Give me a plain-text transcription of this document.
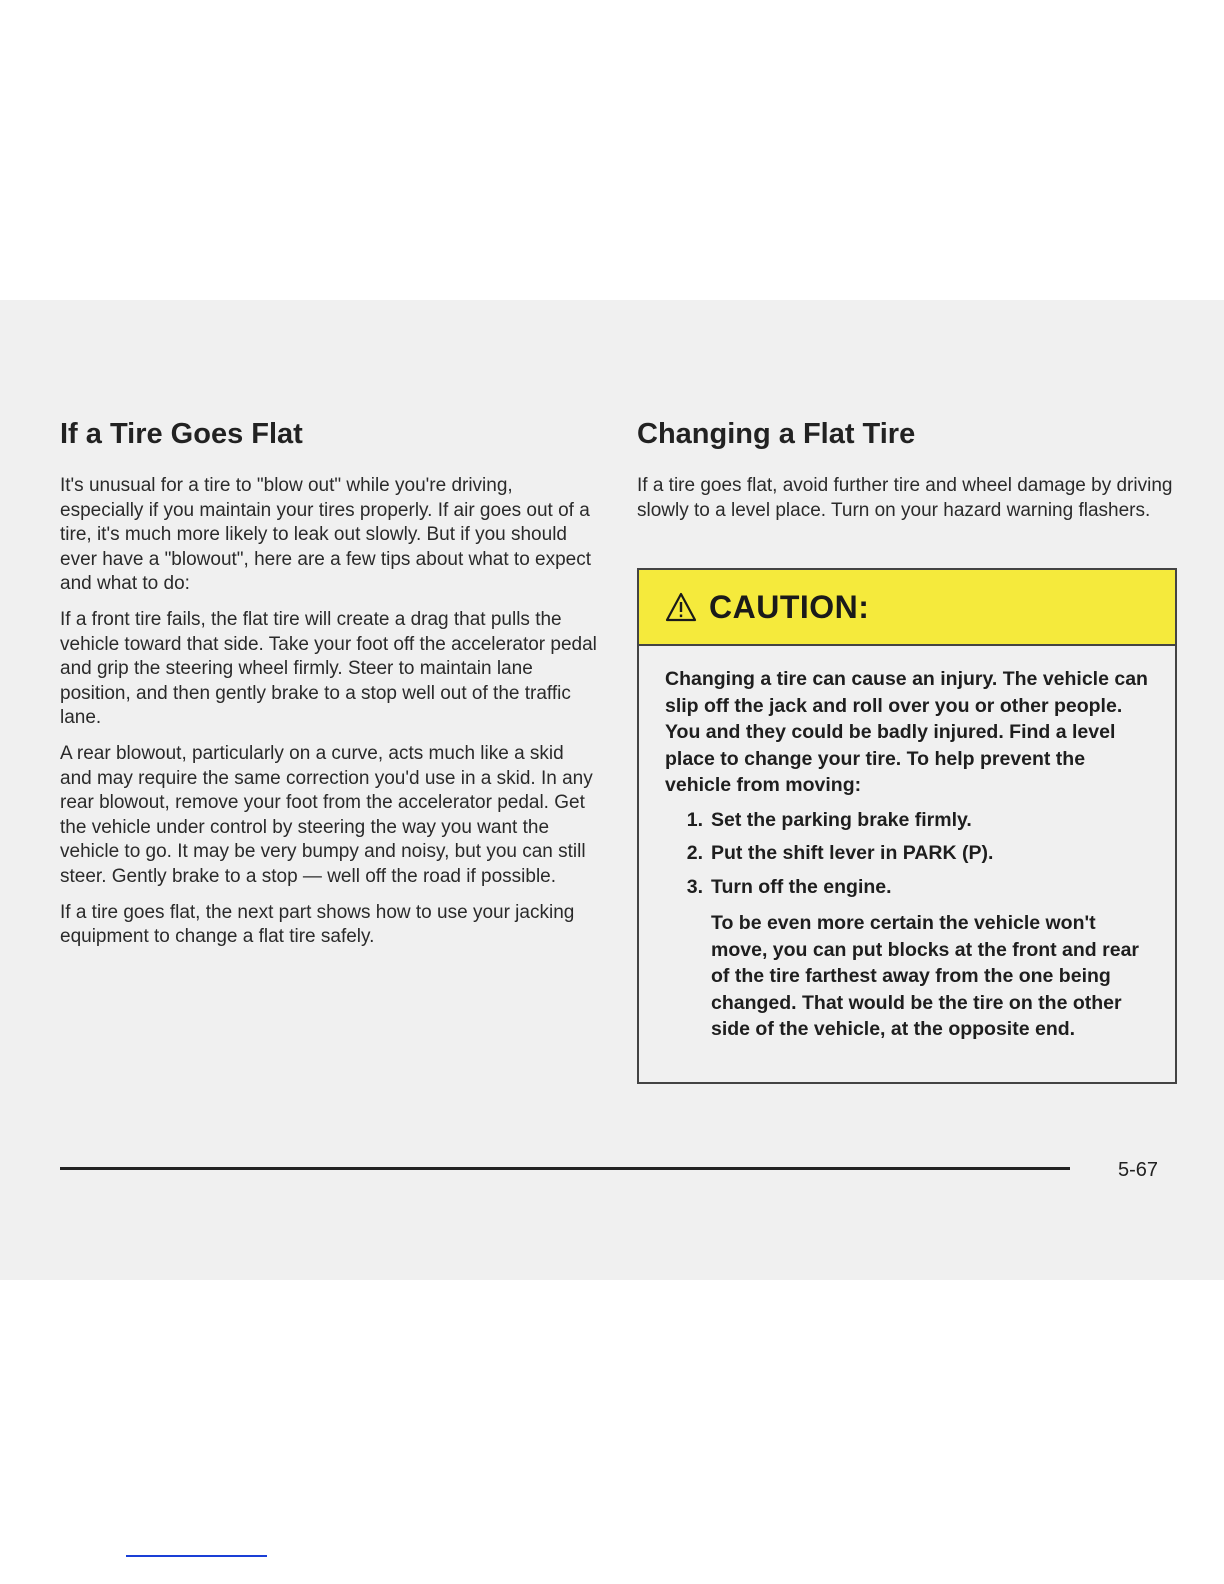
If a Tire Goes Flat

It's unusual for a tire to "blow out" while you're driving, especially if you maintain your tires properly. If air goes out of a tire, it's much more likely to leak out slowly. But if you should ever have a "blowout", here are a few tips about what to expect and what to do:

If a front tire fails, the flat tire will create a drag that pulls the vehicle toward that side. Take your foot off the accelerator pedal and grip the steering wheel firmly. Steer to maintain lane position, and then gently brake to a stop well out of the traffic lane.

A rear blowout, particularly on a curve, acts much like a skid and may require the same correction you'd use in a skid. In any rear blowout, remove your foot from the accelerator pedal. Get the vehicle under control by steering the way you want the vehicle to go. It may be very bumpy and noisy, but you can still steer. Gently brake to a stop — well off the road if possible.

If a tire goes flat, the next part shows how to use your jacking equipment to change a flat tire safely.

Changing a Flat Tire

If a tire goes flat, avoid further tire and wheel damage by driving slowly to a level place. Turn on your hazard warning flashers.

CAUTION:

Changing a tire can cause an injury. The vehicle can slip off the jack and roll over you or other people. You and they could be badly injured. Find a level place to change your tire. To help prevent the vehicle from moving:

1. Set the parking brake firmly.
2. Put the shift lever in PARK (P).
3. Turn off the engine.

To be even more certain the vehicle won't move, you can put blocks at the front and rear of the tire farthest away from the one being changed. That would be the tire on the other side of the vehicle, at the opposite end.

5-67
